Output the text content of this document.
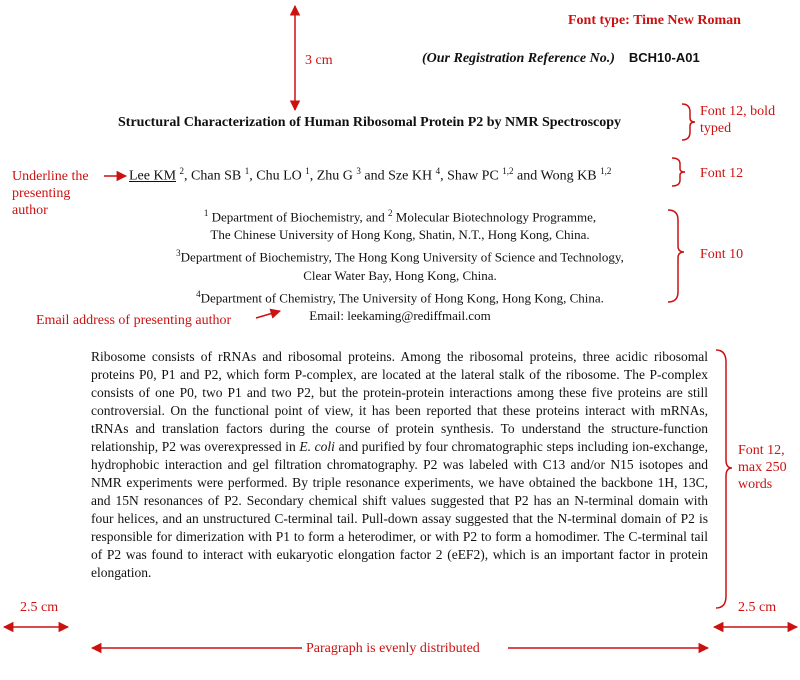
Font type: Time New Roman
3 cm
Font 12, bold typed
Underline the presenting author
Font 12
Font 10
Email address of presenting author
Font 12, max 250 words
2.5 cm	2.5 cm
Paragraph is evenly distributed
(Our Registration Reference No.) BCH10-A01
Structural Characterization of Human Ribosomal Protein P2 by NMR Spectroscopy
Lee KM $^2$, Chan SB $^1$, Chu LO $^1$, Zhu G $^3$ and Sze KH $^4$, Shaw PC $^{1,2}$ and Wong KB $^{1,2}$
$^1$ Department of Biochemistry, and $^2$ Molecular Biotechnology Programme,
The Chinese University of Hong Kong, Shatin, N.T., Hong Kong, China.
$^3$Department of Biochemistry, The Hong Kong University of Science and Technology,
Clear Water Bay, Hong Kong, China.
$^4$Department of Chemistry, The University of Hong Kong, Hong Kong, China.
Email: leekaming@rediffmail.com
Ribosome consists of rRNAs and ribosomal proteins. Among the ribosomal proteins, three acidic ribosomal proteins P0, P1 and P2, which form P-complex, are located at the lateral stalk of the ribosome. The P-complex consists of one P0, two P1 and two P2, but the protein-protein interactions among these five proteins are still controversial. On the functional point of view, it has been reported that these proteins interact with mRNAs, tRNAs and translation factors during the course of protein synthesis. To understand the structure-function relationship, P2 was overexpressed in E. coli and purified by four chromatographic steps including ion-exchange, hydrophobic interaction and gel filtration chromatography. P2 was labeled with C13 and/or N15 isotopes and NMR experiments were performed. By triple resonance experiments, we have obtained the backbone 1H, 13C, and 15N resonances of P2. Secondary chemical shift values suggested that P2 has an N-terminal domain with four helices, and an unstructured C-terminal tail. Pull-down assay suggested that the N-terminal domain of P2 is responsible for dimerization with P1 to form a heterodimer, or with P2 to form a homodimer. The C-terminal tail of P2 was found to interact with eukaryotic elongation factor 2 (eEF2), which is an important factor in protein elongation.
